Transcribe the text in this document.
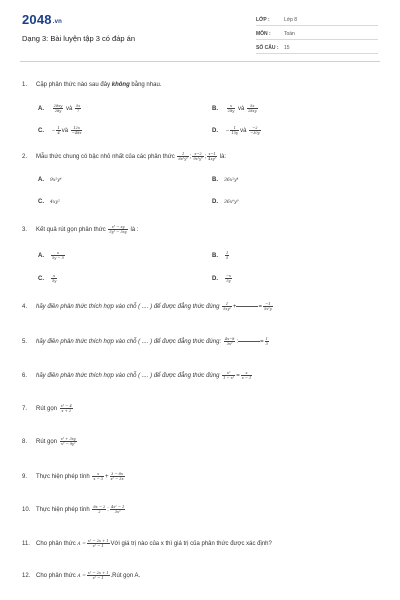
2048.vn
Dạng 3: Bài luyện tập 3 có đáp án
LỚP :	Lớp 8
MÔN :	Toán
SỐ CÂU : 15
1. Cặp phân thức nào sau đây không bằng nhau.
A. $\frac{28xy}{28y}$ và $\frac{5x}{7}$	B. $\frac{x}{28y}$ và $\frac{5x}{28xy}$
C. − $\frac{1}{4}$ và $\frac{12x}{-48x}$	D. − $\frac{1}{15y}$ và $\frac{-2}{-30y}$
2. Mẫu thức chung có bậc nhỏ nhất của các phân thức $\frac{1}{\text{6x²y³}}$ ; $\frac{x-2}{\text{9x²y⁴}}$ ; $\frac{x-1}{\text{4xy²}}$ là:
A. 9x²y⁴	B. 36x²y⁴
C. 4xy²	D. 36x⁶y⁹
3. Kết quả rút gọn phân thức $\frac{\text{x³ − xy}}{\text{5y² − 5xy}}$ là :
A. $\frac{x}{5y - 5}$	B. $\frac{1}{5}$
C. $\frac{x}{5y}$	D. $\frac{-x}{5y}$
4. hãy điền phân thức thích hợp vào chỗ ( .... ) để được đẳng thức đúng $\frac{1}{\text{5xy²}}$ +	= $\frac{-1}{\text{5x²y}}$
5. hãy điền phân thức thích hợp vào chỗ ( .... ) để được đẳng thức đúng: $\frac{4x-8}{\text{3x²}}$ :	= $\frac{1}{3}$
6. hãy điền phân thức thích hợp vào chỗ ( .... ) để được đẳng thức đúng $\frac{\text{x²}}{\text{1 − x²}} = \frac{x}{x - 1}$
7. Rút gọn $\frac{\text{x² − 4}}{x + 2}$
8. Rút gọn $\frac{\text{x² + 3xy}}{\text{x² − 9y²}}$
9. Thực hiện phép tính $\frac{x}{x - 3} + \frac{3 - 8x}{\text{x² − 3x}}$
10. Thực hiện phép tính $\frac{8x - 2}{2}$ : $\frac{\text{4x² − 1}}{\text{3x²}}$
11. Cho phân thức $A = \frac{\text{x² − 2x + 1}}{\text{x² − 1}}$ Với giá trị nào của x thì giá trị của phân thức được xác định?
12. Cho phân thức $A = \frac{\text{x² − 2x + 1}}{\text{x² − 1}}$ .Rút gọn A.
